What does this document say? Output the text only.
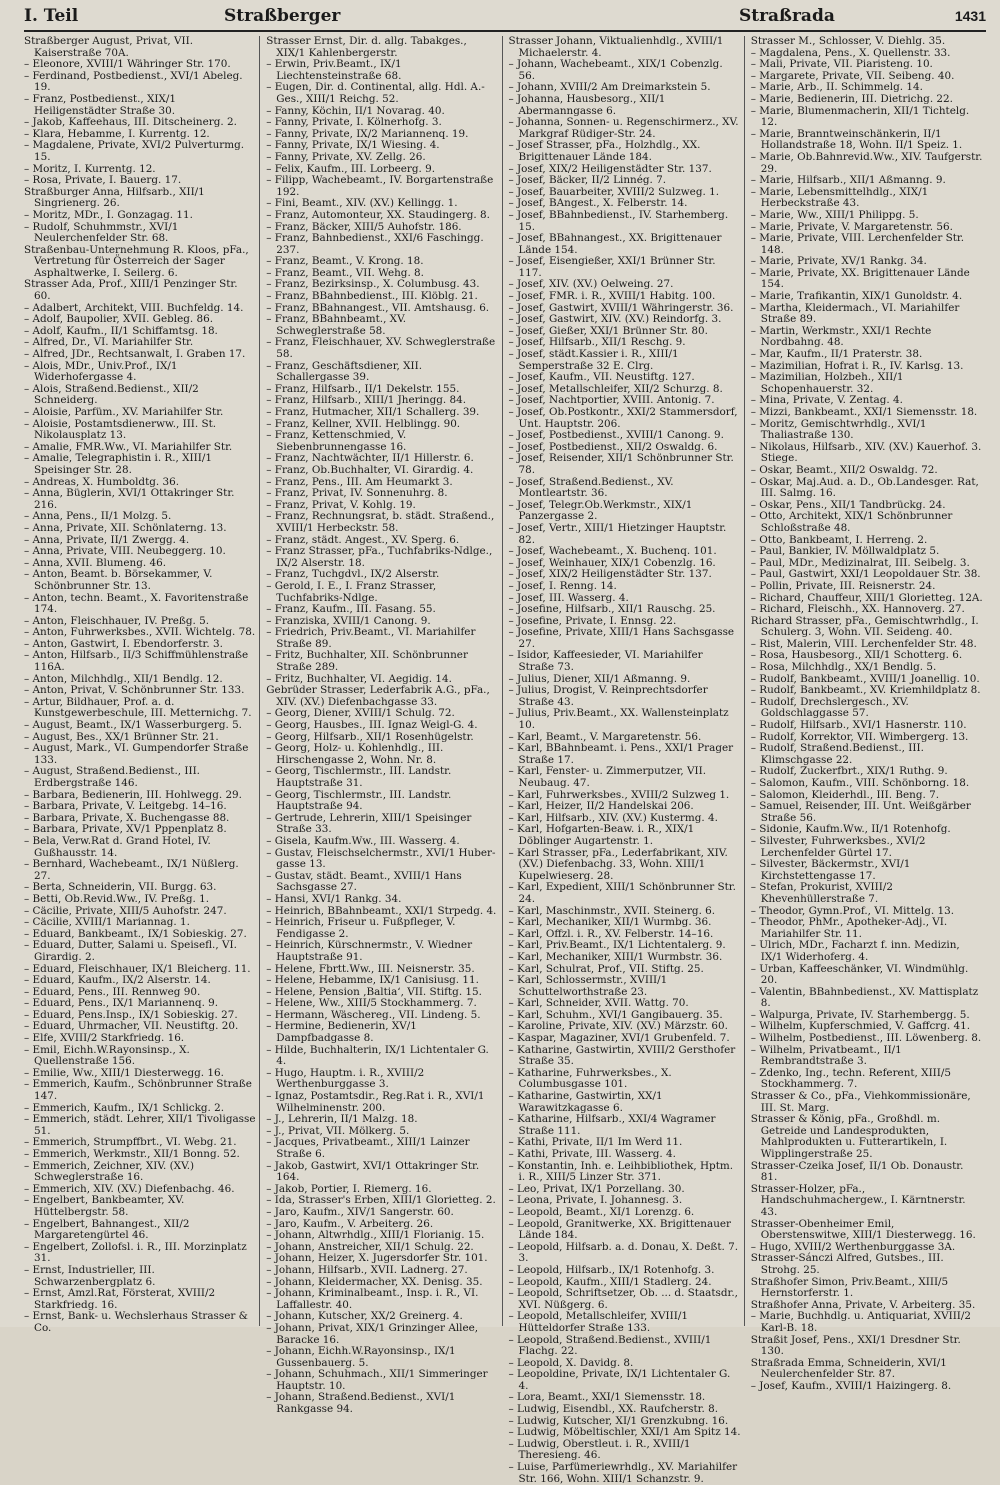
I. Teil	Straßberger	Straßrada	1431

Straßberger August, Privat, VII. Kaiserstraße 70A.

– Eleonore, XVIII/1 Währinger Str. 170.

– Ferdinand, Postbedienst., XVI/1 Abeleg. 19.

– Franz, Postbedienst., XIX/1 Heiligenstädter Straße 30.

– Jakob, Kaffeehaus, III. Ditscheinerg. 2.

– Klara, Hebamme, I. Kurrentg. 12.

– Magdalene, Private, XVI/2 Pulverturmg. 15.

– Moritz, I. Kurrentg. 12.

– Rosa, Private, I. Bauerg. 17.

Straßburger Anna, Hilfsarb., XII/1 Singrienerg. 26.

– Moritz, MDr., I. Gonzagag. 11.

– Rudolf, Schuhmmstr., XVI/1 Neulerchenfelder Str. 68.

Straßenbau-Unternehmung R. Kloos, pFa., Vertretung für Österreich der Sager Asphaltwerke, I. Seilerg. 6.

Strasser Ada, Prof., XIII/1 Penzinger Str. 60.

– Adalbert, Architekt, VIII. Buchfeldg. 14.

– Adolf, Baupolier, XVII. Gebleg. 86.

– Adolf, Kaufm., II/1 Schiffamtsg. 18.

– Alfred, Dr., VI. Mariahilfer Str.

– Alfred, JDr., Rechtsanwalt, I. Graben 17.

– Alois, MDr., Univ.Prof., IX/1 Widerhofergasse 4.

– Alois, Straßend.Bedienst., XII/2 Schneiderg.

– Aloisie, Parfüm., XV. Mariahilfer Str.

– Aloisie, Postamtsdienerww., III. St. Nikolausplatz 13.

– Amalie, FMR.Ww., VI. Mariahilfer Str.

– Amalie, Telegraphistin i. R., XIII/1 Speisinger Str. 28.

– Andreas, X. Humboldtg. 36.

– Anna, Büglerin, XVI/1 Ottakringer Str. 216.

– Anna, Pens., II/1 Molzg. 5.

– Anna, Private, XII. Schönlaterng. 13.

– Anna, Private, II/1 Zwergg. 4.

– Anna, Private, VIII. Neubeggerg. 10.

– Anna, XVII. Blumeng. 46.

– Anton, Beamt. b. Börsekammer, V. Schönbrunner Str. 13.

– Anton, techn. Beamt., X. Favoritenstraße 174.

– Anton, Fleischhauer, IV. Preßg. 5.

– Anton, Fuhrwerksbes., XVII. Wichtelg. 78.

– Anton, Gastwirt, I. Ebendorferstr. 3.

– Anton, Hilfsarb., II/3 Schiffmühlenstraße 116A.

– Anton, Milchhdlg., XII/1 Bendlg. 12.

– Anton, Privat, V. Schönbrunner Str. 133.

– Artur, Bildhauer, Prof. a. d. Kunstgewerbeschule, III. Metternichg. 7.

– August, Beamt., IX/1 Wasserburgerg. 5.

– August, Bes., XX/1 Brünner Str. 21.

– August, Mark., VI. Gumpendorfer Straße 133.

– August, Straßend.Bedienst., III. Erdbergstraße 146.

– Barbara, Bedienerin, III. Hohlwegg. 29.

– Barbara, Private, V. Leitgebg. 14–16.

– Barbara, Private, X. Buchengasse 88.

– Barbara, Private, XV/1 Pppenplatz 8.

– Bela, Verw.Rat d. Grand Hotel, IV. Gußhausstr. 14.

– Bernhard, Wachebeamt., IX/1 Nüßlerg. 27.

– Berta, Schneiderin, VII. Burgg. 63.

– Betti, Ob.Revid.Ww., IV. Preßg. 1.

– Cäcilie, Private, XIII/5 Auhofstr. 247.

– Cäcilie, XVIII/1 Mariannag. 1.

– Eduard, Bankbeamt., IX/1 Sobieskig. 27.

– Eduard, Dutter, Salami u. Speisefl., VI. Girardig. 2.

– Eduard, Fleischhauer, IX/1 Bleicherg. 11.

– Eduard, Kaufm., IX/2 Alserstr. 14.

– Eduard, Pens., III. Rennweg 90.

– Eduard, Pens., IX/1 Mariannenq. 9.

– Eduard, Pens.Insp., IX/1 Sobieskig. 27.

– Eduard, Uhrmacher, VII. Neustiftg. 20.

– Elfe, XVIII/2 Starkfriedg. 16.

– Emil, Eichh.W.Rayonsinsp., X. Quellenstraße 156.

– Emilie, Ww., XIII/1 Diesterwegg. 16.

– Emmerich, Kaufm., Schönbrunner Straße 147.

– Emmerich, Kaufm., IX/1 Schlickg. 2.

– Emmerich, städt. Lehrer, XII/1 Tivoligasse 51.

– Emmerich, Strumpffbrt., VI. Webg. 21.

– Emmerich, Werkmstr., XII/1 Bonng. 52.

– Emmerich, Zeichner, XIV. (XV.) Schweglerstraße 16.

– Emmerich, XIV. (XV.) Diefenbachg. 46.

– Engelbert, Bankbeamter, XV. Hüttelbergstr. 58.

– Engelbert, Bahnangest., XII/2 Margaretengürtel 46.

– Engelbert, Zollofsl. i. R., III. Morzinplatz 31.

– Ernst, Industrieller, III. Schwarzenbergplatz 6.

– Ernst, Amzl.Rat, Försterat, XVIII/2 Starkfriedg. 16.

– Ernst, Bank- u. Wechslerhaus Strasser & Co.

Strasser Ernst, Dir. d. allg. Tabakges., XIX/1 Kahlenbergerstr.

– Erwin, Priv.Beamt., IX/1 Liechtensteinstraße 68.

– Eugen, Dir. d. Continental, allg. Hdl. A.-Ges., XIII/1 Reichg. 52.

– Fanny, Köchin, II/1 Novarag. 40.

– Fanny, Private, I. Kölnerhofg. 3.

– Fanny, Private, IX/2 Mariannenq. 19.

– Fanny, Private, IX/1 Wiesing. 4.

– Fanny, Private, XV. Zellg. 26.

– Felix, Kaufm., III. Lorbeerg. 9.

– Filipp, Wachebeamt., IV. Borgartenstraße 192.

– Fini, Beamt., XIV. (XV.) Kellingg. 1.

– Franz, Automonteur, XX. Staudingerg. 8.

– Franz, Bäcker, XIII/5 Auhofstr. 186.

– Franz, Bahnbedienst., XXI/6 Faschingg. 237.

– Franz, Beamt., V. Krong. 18.

– Franz, Beamt., VII. Wehg. 8.

– Franz, Bezirksinsp., X. Columbusg. 43.

– Franz, BBahnbedienst., III. Klöblg. 21.

– Franz, BBahnangest., VII. Amtshausg. 6.

– Franz, BBahnbeamt., XV. Schweglerstraße 58.

– Franz, Fleischhauer, XV. Schweglerstraße 58.

– Franz, Geschäftsdiener, XII. Schallergasse 39.

– Franz, Hilfsarb., II/1 Dekelstr. 155.

– Franz, Hilfsarb., XIII/1 Jheringg. 84.

– Franz, Hutmacher, XII/1 Schallerg. 39.

– Franz, Kellner, XVII. Helblingg. 90.

– Franz, Kettenschmied, V. Siebenbrunnengasse 16.

– Franz, Nachtwächter, II/1 Hillerstr. 6.

– Franz, Ob.Buchhalter, VI. Girardig. 4.

– Franz, Pens., III. Am Heumarkt 3.

– Franz, Privat, IV. Sonnenuhrg. 8.

– Franz, Privat, V. Kohlg. 19.

– Franz, Rechnungsrat, b. städt. Straßend., XVIII/1 Herbeckstr. 58.

– Franz, städt. Angest., XV. Sperg. 6.

– Franz Strasser, pFa., Tuchfabriks-Ndlge., IX/2 Alserstr. 18.

– Franz, Tuchgdvl., IX/2 Alserstr.

– Gerold, I. E., I. Franz Strasser, Tuchfabriks-Ndlge.

– Franz, Kaufm., III. Fasang. 55.

– Franziska, XVIII/1 Canong. 9.

– Friedrich, Priv.Beamt., VI. Mariahilfer Straße 89.

– Fritz, Buchhalter, XII. Schönbrunner Straße 289.

– Fritz, Buchhalter, VI. Aegidig. 14.

Gebrüder Strasser, Lederfabrik A.G., pFa., XIV. (XV.) Diefenbachgasse 33.

– Georg, Diener, XVIII/1 Schulg. 72.

– Georg, Hausbes., III. Ignaz Weigl-G. 4.

– Georg, Hilfsarb., XII/1 Rosenhügelstr.

– Georg, Holz- u. Kohlenhdlg., III. Hirschengasse 2, Wohn. Nr. 8.

– Georg, Tischlermstr., III. Landstr. Hauptstraße 31.

– Georg, Tischlermstr., III. Landstr. Hauptstraße 94.

– Gertrude, Lehrerin, XIII/1 Speisinger Straße 33.

– Gisela, Kaufm.Ww., III. Wasserg. 4.

– Gustav, Fleischselchermstr., XVI/1 Huber-gasse 13.

– Gustav, städt. Beamt., XVIII/1 Hans Sachsgasse 27.

– Hansi, XVI/1 Rankg. 34.

– Heinrich, BBahnbeamt., XXI/1 Strpedg. 4.

– Heinrich, Friseur u. Fußpfleger, V. Fendigasse 2.

– Heinrich, Kürschnermstr., V. Wiedner Hauptstraße 91.

– Helene, Fbrtt.Ww., III. Neisnerstr. 35.

– Helene, Hebamme, IX/1 Canisiusg. 11.

– Helene, Pension ‚Baltia‘, VII. Stiftg. 15.

– Helene, Ww., XIII/5 Stockhammerg. 7.

– Hermann, Wäschereg., VII. Lindeng. 5.

– Hermine, Bedienerin, XV/1 Dampfbadgasse 8.

– Hilde, Buchhalterin, IX/1 Lichtentaler G. 4.

– Hugo, Hauptm. i. R., XVIII/2 Werthenburggasse 3.

– Ignaz, Postamtsdir., Reg.Rat i. R., XVI/1 Wilhelminenstr. 200.

– J., Lehrerin, II/1 Malzg. 18.

– J., Privat, VII. Mölkerg. 5.

– Jacques, Privatbeamt., XIII/1 Lainzer Straße 6.

– Jakob, Gastwirt, XVI/1 Ottakringer Str. 164.

– Jakob, Portier, I. Riemerg. 16.

– Ida, Strasser's Erben, XIII/1 Glorietteg. 2.

– Jaro, Kaufm., XIV/1 Sangerstr. 60.

– Jaro, Kaufm., V. Arbeiterg. 26.

– Johann, Altwrhdlg., XIII/1 Florianig. 15.

– Johann, Anstreicher, XII/1 Schulg. 22.

– Johann, Heizer, X. Jugersdorfer Str. 101.

– Johann, Hilfsarb., XVII. Ladnerg. 27.

– Johann, Kleidermacher, XX. Denisg. 35.

– Johann, Kriminalbeamt., Insp. i. R., VI. Laffallestr. 40.

– Johann, Kutscher, XX/2 Greinerg. 4.

– Johann, Privat, XIX/1 Grinzinger Allee, Baracke 16.

– Johann, Eichh.W.Rayonsinsp., IX/1 Gussenbauerg. 5.

– Johann, Schuhmach., XII/1 Simmeringer Hauptstr. 10.

– Johann, Straßend.Bedienst., XVI/1 Rankgasse 94.

Strasser Johann, Viktualienhdlg., XVIII/1 Michaelerstr. 4.

– Johann, Wachebeamt., XIX/1 Cobenzlg. 56.

– Johann, XVIII/2 Am Dreimarkstein 5.

– Johanna, Hausbesorg., XII/1 Abermanngasse 6.

– Johanna, Sonnen- u. Regenschirmerz., XV. Markgraf Rüdiger-Str. 24.

– Josef Strasser, pFa., Holzhdlg., XX. Brigittenauer Lände 184.

– Josef, XIX/2 Heiligenstädter Str. 137.

– Josef, Bäcker, II/2 Linnég. 7.

– Josef, Bauarbeiter, XVIII/2 Sulzweg. 1.

– Josef, BAngest., X. Felberstr. 14.

– Josef, BBahnbedienst., IV. Starhemberg. 15.

– Josef, BBahnangest., XX. Brigittenauer Lände 154.

– Josef, Eisengießer, XXI/1 Brünner Str. 117.

– Josef, XIV. (XV.) Oelweing. 27.

– Josef, FMR. i. R., XVIII/1 Habitg. 100.

– Josef, Gastwirt, XVIII/1 Währingerstr. 36.

– Josef, Gastwirt, XIV. (XV.) Reindorfg. 3.

– Josef, Gießer, XXI/1 Brünner Str. 80.

– Josef, Hilfsarb., XII/1 Reschg. 9.

– Josef, städt.Kassier i. R., XIII/1 Semperstraße 32 E. Clrg.

– Josef, Kaufm., VII. Neustiftg. 127.

– Josef, Metallschleifer, XII/2 Schurzg. 8.

– Josef, Nachtportier, XVIII. Antonig. 7.

– Josef, Ob.Postkontr., XXI/2 Stammersdorf, Unt. Hauptstr. 206.

– Josef, Postbedienst., XVIII/1 Canong. 9.

– Josef, Postbedienst., XII/2 Oswaldg. 6.

– Josef, Reisender, XII/1 Schönbrunner Str. 78.

– Josef, Straßend.Bedienst., XV. Montleartstr. 36.

– Josef, Telegr.Ob.Werkmstr., XIX/1 Panzergasse 2.

– Josef, Vertr., XIII/1 Hietzinger Hauptstr. 82.

– Josef, Wachebeamt., X. Buchenq. 101.

– Josef, Weinhauer, XIX/1 Cobenzlg. 16.

– Josef, XIX/2 Heiligenstädter Str. 137.

– Josef, I. Renng. 14.

– Josef, III. Wasserg. 4.

– Josefine, Hilfsarb., XII/1 Rauschg. 25.

– Josefine, Private, I. Ennsg. 22.

– Josefine, Private, XIII/1 Hans Sachsgasse 27.

– Isidor, Kaffeesieder, VI. Mariahilfer Straße 73.

– Julius, Diener, XII/1 Aßmanng. 9.

– Julius, Drogist, V. Reinprechtsdorfer Straße 43.

– Julius, Priv.Beamt., XX. Wallensteinplatz 10.

– Karl, Beamt., V. Margaretenstr. 56.

– Karl, BBahnbeamt. i. Pens., XXI/1 Prager Straße 17.

– Karl, Fenster- u. Zimmerputzer, VII. Neubaug. 47.

– Karl, Fuhrwerksbes., XVIII/2 Sulzweg 1.

– Karl, Heizer, II/2 Handelskai 206.

– Karl, Hilfsarb., XIV. (XV.) Kustermg. 4.

– Karl, Hofgarten-Beaw. i. R., XIX/1 Döblinger Augartenstr. 1.

– Karl Strasser, pFa., Lederfabrikant, XIV. (XV.) Diefenbachg. 33, Wohn. XIII/1 Kupelwieserg. 28.

– Karl, Expedient, XIII/1 Schönbrunner Str. 24.

– Karl, Maschinmstr., XVII. Steinerg. 6.

– Karl, Mechaniker, XII/1 Wurmbg. 36.

– Karl, Offzl. i. R., XV. Felberstr. 14–16.

– Karl, Priv.Beamt., IX/1 Lichtentalerg. 9.

– Karl, Mechaniker, XIII/1 Wurmbstr. 36.

– Karl, Schulrat, Prof., VII. Stiftg. 25.

– Karl, Schlossermstr., XVIII/1 Schuttelworthstraße 23.

– Karl, Schneider, XVII. Wattg. 70.

– Karl, Schuhm., XVI/1 Gangibauerg. 35.

– Karoline, Private, XIV. (XV.) Märzstr. 60.

– Kaspar, Magaziner, XVI/1 Grubenfeld. 7.

– Katharine, Gastwirtin, XVIII/2 Gersthofer Straße 35.

– Katharine, Fuhrwerksbes., X. Columbusgasse 101.

– Katharine, Gastwirtin, XX/1 Warawitzkagasse 6.

– Katharine, Hilfsarb., XXI/4 Wagramer Straße 111.

– Kathi, Private, II/1 Im Werd 11.

– Kathi, Private, III. Wasserg. 4.

– Konstantin, Inh. e. Leihbibliothek, Hptm. i. R., XIII/5 Linzer Str. 371.

– Leo, Privat, IX/1 Porzellang. 30.

– Leona, Private, I. Johannesg. 3.

– Leopold, Beamt., XI/1 Lorenzg. 6.

– Leopold, Granitwerke, XX. Brigittenauer Lände 184.

– Leopold, Hilfsarb. a. d. Donau, X. Deßt. 7. 3.

– Leopold, Hilfsarb., IX/1 Rotenhofg. 3.

– Leopold, Kaufm., XIII/1 Stadlerg. 24.

– Leopold, Schriftsetzer, Ob. ... d. Staatsdr., XVI. Nüßgerg. 6.

– Leopold, Metallschleifer, XVIII/1 Hütteldorfer Straße 133.

– Leopold, Straßend.Bedienst., XVIII/1 Flachg. 22.

– Leopold, X. Davidg. 8.

– Leopoldine, Private, IX/1 Lichtentaler G. 4.

– Lora, Beamt., XXI/1 Siemensstr. 18.

– Ludwig, Eisendbl., XX. Raufcherstr. 8.

– Ludwig, Kutscher, XI/1 Grenzkubng. 16.

– Ludwig, Möbeltischler, XXI/1 Am Spitz 14.

– Ludwig, Oberstleut. i. R., XVIII/1 Theresieng. 46.

– Luise, Parfümeriewrhdlg., XV. Mariahilfer Str. 166, Wohn. XIII/1 Schanzstr. 9.

Strasser M., Schlosser, V. Diehlg. 35.

– Magdalena, Pens., X. Quellenstr. 33.

– Mali, Private, VII. Piaristeng. 10.

– Margarete, Private, VII. Seibeng. 40.

– Marie, Arb., II. Schimmelg. 14.

– Marie, Bedienerin, III. Dietrichg. 22.

– Marie, Blumenmacherin, XII/1 Tichtelg. 12.

– Marie, Branntweinschänkerin, II/1 Hollandstraße 18, Wohn. II/1 Speiz. 1.

– Marie, Ob.Bahnrevid.Ww., XIV. Taufgerstr. 29.

– Marie, Hilfsarb., XII/1 Aßmanng. 9.

– Marie, Lebensmittelhdlg., XIX/1 Herbeckstraße 43.

– Marie, Ww., XIII/1 Philippg. 5.

– Marie, Private, V. Margaretenstr. 56.

– Marie, Private, VIII. Lerchenfelder Str. 148.

– Marie, Private, XV/1 Rankg. 34.

– Marie, Private, XX. Brigittenauer Lände 154.

– Marie, Trafikantin, XIX/1 Gunoldstr. 4.

– Martha, Kleidermach., VI. Mariahilfer Straße 89.

– Martin, Werkmstr., XXI/1 Rechte Nordbahng. 48.

– Mar, Kaufm., II/1 Praterstr. 38.

– Mazimilian, Hofrat i. R., IV. Karlsg. 13.

– Mazimilian, Holzbeh., XII/1 Schopenhauerstr. 32.

– Mina, Private, V. Zentag. 4.

– Mizzi, Bankbeamt., XXI/1 Siemensstr. 18.

– Moritz, Gemischtwrhdlg., XVI/1 Thaliastraße 130.

– Nikolaus, Hilfsarb., XIV. (XV.) Kauerhof. 3. Stiege.

– Oskar, Beamt., XII/2 Oswaldg. 72.

– Oskar, Maj.Aud. a. D., Ob.Landesger. Rat, III. Salmg. 16.

– Oskar, Pens., XII/1 Tandbrückg. 24.

– Otto, Architekt, XIX/1 Schönbrunner Schloßstraße 48.

– Otto, Bankbeamt, I. Herreng. 2.

– Paul, Bankier, IV. Möllwaldplatz 5.

– Paul, MDr., Medizinalrat, III. Seibelg. 3.

– Paul, Gastwirt, XXI/1 Leopoldauer Str. 38.

– Pollin, Private, III. Reisnerstr. 24.

– Richard, Chauffeur, XIII/1 Glorietteg. 12A.

– Richard, Fleischh., XX. Hannoverg. 27.

Richard Strasser, pFa., Gemischtwrhdlg., I. Schulerg. 3, Wohn. VII. Seideng. 40.

– Rist, Malerin, VIII. Lerchenfelder Str. 48.

– Rosa, Hausbesorg., XII/1 Schotterg. 6.

– Rosa, Milchhdlg., XX/1 Bendlg. 5.

– Rudolf, Bankbeamt., XVIII/1 Joanellig. 10.

– Rudolf, Bankbeamt., XV. Kriemhildplatz 8.

– Rudolf, Drechslergesch., XV. Goldschlaggasse 57.

– Rudolf, Hilfsarb., XVI/1 Hasnerstr. 110.

– Rudolf, Korrektor, VII. Wimbergerg. 13.

– Rudolf, Straßend.Bedienst., III. Klimschgasse 22.

– Rudolf, Zuckerfbrt., XIX/1 Ruthg. 9.

– Salomon, Kaufm., VIII. Schönborng. 18.

– Salomon, Kleiderhdl., III. Beng. 7.

– Samuel, Reisender, III. Unt. Weißgärber Straße 56.

– Sidonie, Kaufm.Ww., II/1 Rotenhofg.

– Silvester, Fuhrwerksbes., XVI/2 Lerchenfelder Gürtel 17.

– Silvester, Bäckermstr., XVI/1 Kirchstettengasse 17.

– Stefan, Prokurist, XVIII/2 Khevenhüllerstraße 7.

– Theodor, Gymn.Prof., VI. Mittelg. 13.

– Theodor, PhMr., Apotheker-Adj., VI. Mariahilfer Str. 11.

– Ulrich, MDr., Facharzt f. inn. Medizin, IX/1 Widerhoferg. 4.

– Urban, Kaffeeschänker, VI. Windmühlg. 20.

– Valentin, BBahnbedienst., XV. Mattisplatz 8.

– Walpurga, Private, IV. Starhembergg. 5.

– Wilhelm, Kupferschmied, V. Gaffcrg. 41.

– Wilhelm, Postbedienst., III. Löwenberg. 8.

– Wilhelm, Privatbeamt., II/1 Rembrandtstraße 3.

– Zdenko, Ing., techn. Referent, XIII/5 Stockhammerg. 7.

Strasser & Co., pFa., Viehkommissionäre, III. St. Marg.

Strasser & König, pFa., Großhdl. m. Getreide und Landesprodukten, Mahlprodukten u. Futterartikeln, I. Wipplingerstraße 25.

Strasser-Czeika Josef, II/1 Ob. Donaustr. 81.

Strasser-Holzer, pFa., Handschuhmachergew., I. Kärntnerstr. 43.

Strasser-Obenheimer Emil, Oberstenswitwe, XIII/1 Diesterwegg. 16.

– Hugo, XVIII/2 Werthenburggasse 3A.

Strasser-Sánczi Alfred, Gutsbes., III. Strohg. 25.

Straßhofer Simon, Priv.Beamt., XIII/5 Hernstorferstr. 1.

Straßhofer Anna, Private, V. Arbeiterg. 35.

– Marie, Buchhdlg. u. Antiquariat, XVIII/2 Karl-B. 18.

Straßit Josef, Pens., XXI/1 Dresdner Str. 130.

Straßrada Emma, Schneiderin, XVI/1 Neulerchenfelder Str. 87.

– Josef, Kaufm., XVIII/1 Haizingerg. 8.
